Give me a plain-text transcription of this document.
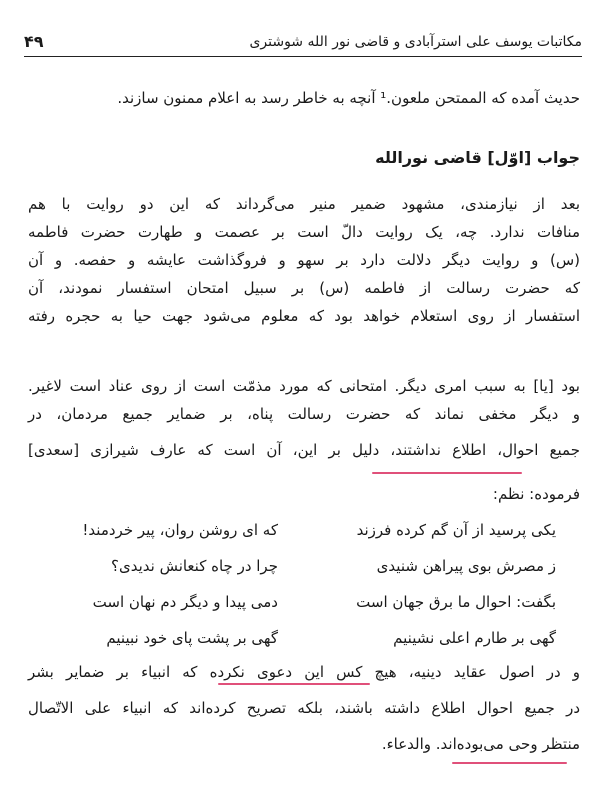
مکاتبات یوسف علی استرآبادی و قاضی نور الله شوشتری
۴۹
حدیث آمده که الممتحن ملعون.¹ آنچه به خاطر رسد به اعلام ممنون سازند.
جواب [اوّل] قاضی نورالله
بعد از نیازمندی، مشهود ضمیر منیر می‌گرداند که این دو روایت با هم
منافات ندارد. چه، یک روایت دالّ است بر عصمت و طهارت حضرت فاطمه
(س) و روایت دیگر دلالت دارد بر سهو و فروگذاشت عایشه و حفصه. و آن
که حضرت رسالت از فاطمه (س) بر سبیل امتحان استفسار نمودند، آن
استفسار از روی استعلام خواهد بود که معلوم می‌شود جهت حیا به حجره رفته
بود [یا] به سبب امری دیگر. امتحانی که مورد مذمّت است از روی عناد است لاغیر.
و دیگر مخفی نماند که حضرت رسالت پناه، بر ضمایر جمیع مردمان، در
جمیع احوال، اطلاع نداشتند، دلیل بر این، آن است که عارف شیرازی [سعدی]
فرموده: نظم:
یکی پرسید از آن گم کرده فرزند
که ای روشن روان، پیر خردمند!
ز مصرش بوی پیراهن شنیدی
چرا در چاه کنعانش ندیدی؟
بگفت: احوال ما برق جهان است
دمی پیدا و دیگر دم نهان است
گهی بر طارم اعلی نشینیم
گهی بر پشت پای خود نبینیم
و در اصول عقاید دینیه، هیچ کس این دعوی نکرده که انبیاء بر ضمایر بشر
در جمیع احوال اطلاع داشته باشند، بلکه تصریح کرده‌اند که انبیاء علی الاتّصال
منتظر وحی می‌بوده‌اند. والدعاء.
